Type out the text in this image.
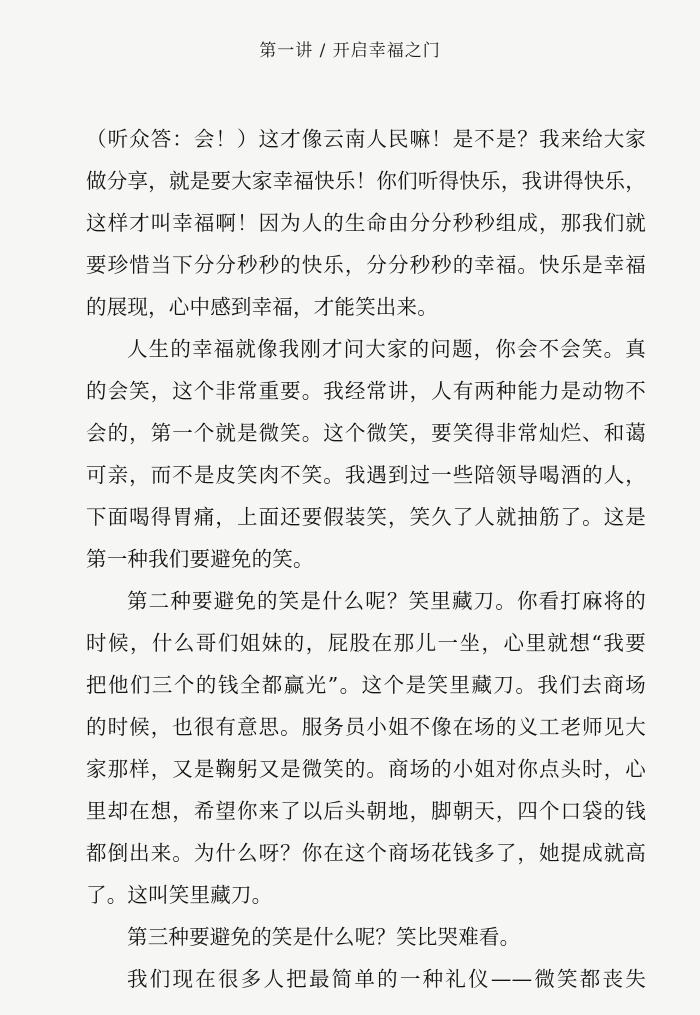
第一讲 / 开启幸福之门
（听众答：会！）这才像云南人民嘛！是不是？我来给大家
做分享，就是要大家幸福快乐！你们听得快乐，我讲得快乐，
这样才叫幸福啊！因为人的生命由分分秒秒组成，那我们就
要珍惜当下分分秒秒的快乐，分分秒秒的幸福。快乐是幸福
的展现，心中感到幸福，才能笑出来。
人生的幸福就像我刚才问大家的问题，你会不会笑。真
的会笑，这个非常重要。我经常讲，人有两种能力是动物不
会的，第一个就是微笑。这个微笑，要笑得非常灿烂、和蔼
可亲，而不是皮笑肉不笑。我遇到过一些陪领导喝酒的人，
下面喝得胃痛，上面还要假装笑，笑久了人就抽筋了。这是
第一种我们要避免的笑。
第二种要避免的笑是什么呢？笑里藏刀。你看打麻将的
时候，什么哥们姐妹的，屁股在那儿一坐，心里就想“我要
把他们三个的钱全都赢光”。这个是笑里藏刀。我们去商场
的时候，也很有意思。服务员小姐不像在场的义工老师见大
家那样，又是鞠躬又是微笑的。商场的小姐对你点头时，心
里却在想，希望你来了以后头朝地，脚朝天，四个口袋的钱
都倒出来。为什么呀？你在这个商场花钱多了，她提成就高
了。这叫笑里藏刀。
第三种要避免的笑是什么呢？笑比哭难看。
我们现在很多人把最简单的一种礼仪——微笑都丧失
